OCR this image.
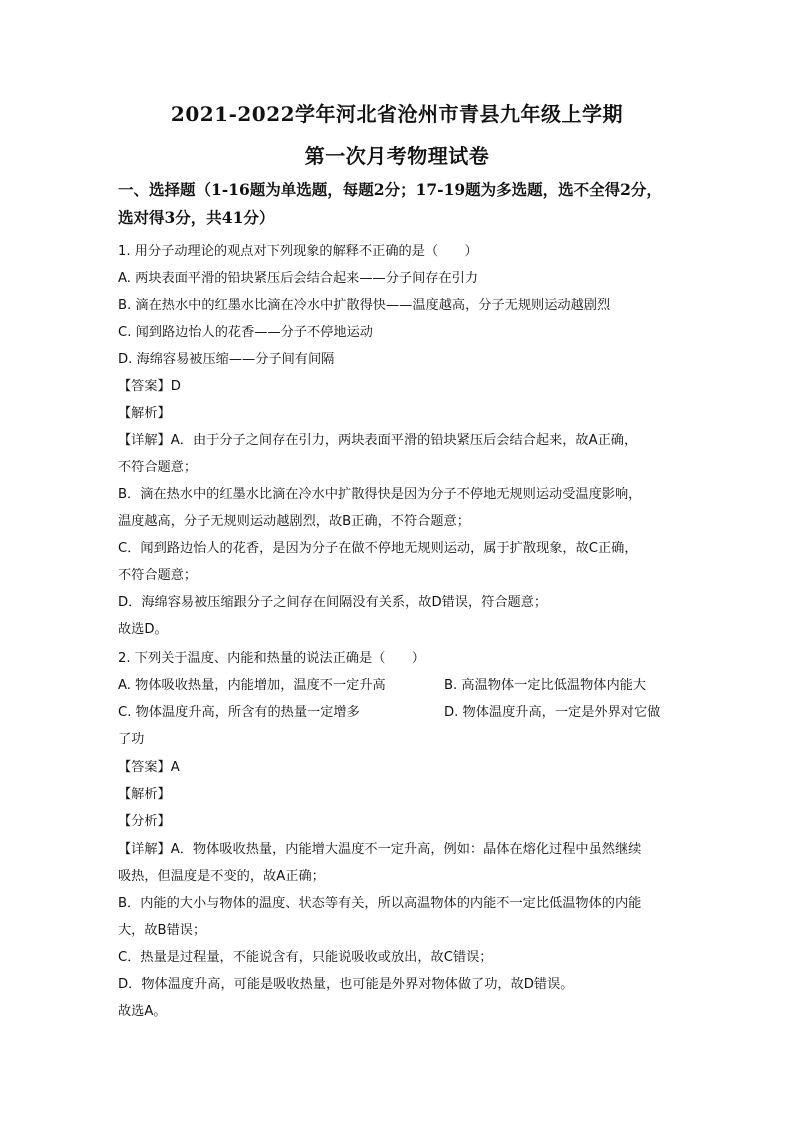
2021-2022学年河北省沧州市青县九年级上学期
第一次月考物理试卷
一、选择题（1-16题为单选题，每题2分；17-19题为多选题，选不全得2分，
选对得3分，共41分）
1. 用分子动理论的观点对下列现象的解释不正确的是（　　）
A. 两块表面平滑的铅块紧压后会结合起来——分子间存在引力
B. 滴在热水中的红墨水比滴在冷水中扩散得快——温度越高，分子无规则运动越剧烈
C. 闻到路边怡人的花香——分子不停地运动
D. 海绵容易被压缩——分子间有间隔
【答案】D
【解析】
【详解】A．由于分子之间存在引力，两块表面平滑的铅块紧压后会结合起来，故A正确，
不符合题意；
B．滴在热水中的红墨水比滴在冷水中扩散得快是因为分子不停地无规则运动受温度影响，
温度越高，分子无规则运动越剧烈，故B正确，不符合题意；
C．闻到路边怡人的花香，是因为分子在做不停地无规则运动，属于扩散现象，故C正确，
不符合题意；
D．海绵容易被压缩跟分子之间存在间隔没有关系，故D错误，符合题意；
故选D。
2. 下列关于温度、内能和热量的说法正确是（　　）
A. 物体吸收热量，内能增加，温度不一定升高	B. 高温物体一定比低温物体内能大
C. 物体温度升高，所含有的热量一定增多	D. 物体温度升高，一定是外界对它做
了功
【答案】A
【解析】
【分析】
【详解】A．物体吸收热量，内能增大温度不一定升高，例如：晶体在熔化过程中虽然继续
吸热，但温度是不变的，故A正确；
B．内能的大小与物体的温度、状态等有关，所以高温物体的内能不一定比低温物体的内能
大，故B错误；
C．热量是过程量，不能说含有，只能说吸收或放出，故C错误；
D．物体温度升高，可能是吸收热量，也可能是外界对物体做了功，故D错误。
故选A。
